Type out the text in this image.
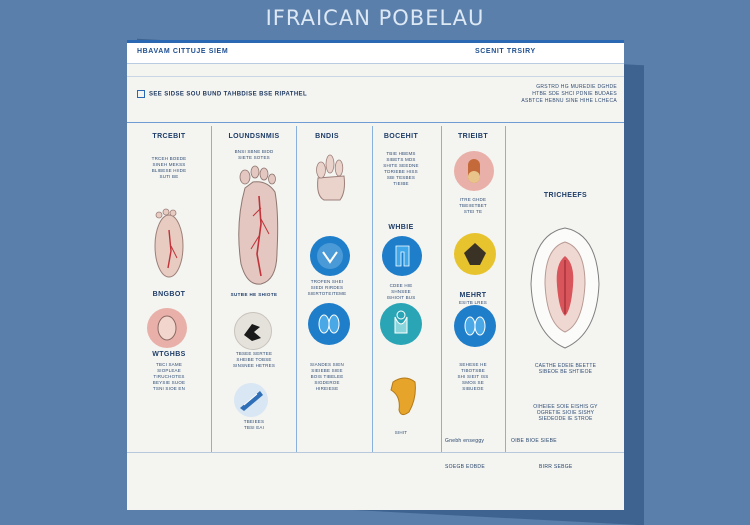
IFRAICAN POBELAU
HBAVAM CITTUJE SIEM	SCENIT TRSIRY
SEE SIDSE SOU BUND TAHBDISE BSE RIPATHEL
GRSTRD HG MUREDIE DGHDE
HTBE SDE SHCI PDNIE BUDAES
ASBTCE HEBNU SINE HIHE LCHECA
TRCEBIT
TRCEH BOEDE
SINEH MEKSS
BLIBESE HIIDE
SUTI BE
BNGBOT
WTGHBS
TBCI SAME
SIOPLEAE
TIRUCHOTES
BEYSIE SUOE
TSNI SIOE EN
LOUNDSNMIS
BNSI SBNE BIDD
SIETE SOTES
SUTBE HE SHIOTE
TBSEE SERTEE
SHEIBE TOBSE
SINSNEE HETRES
TBEIEES
TBSI EAI
BNDIS
TROFEN SHEI
SIEDI RIRDES
SIERTOTEITEME
SIANDES SIEN
SIEIEBE SIEE
BOIS TIBELEE
SIGDEROE
HIREIESE
BOCEHIT
TBIE HBEMS
SIBETS MDS
SHITE SEEDNE
TDRIEBE HISS
SBI TESBES
TIEIBE
WHBIE
CDEE HIE
SHNSEE
ISHIOIT BUS
SIHIT
TRIEIBT
ITRE GHDE
TBEIIETBET
STEI TE
MEHRT
ESITB LRES
SEHESE HE
TIBOTSBE
SHI SIEIT ISS
SMOS SE
SIBUEOE
TRICHEEFS
CAETHE EDEIE BEETTE
SIBEOE BE SHTIEOE
OIHEIEE SOIE EISHIS GY
OGRETIE SIOIE SISHY
SIEDEODE IE STROE
Gnebh enseggy	OIBE BIOE SIEBE
SOEGB EOBDE	BIRR SEBGE
